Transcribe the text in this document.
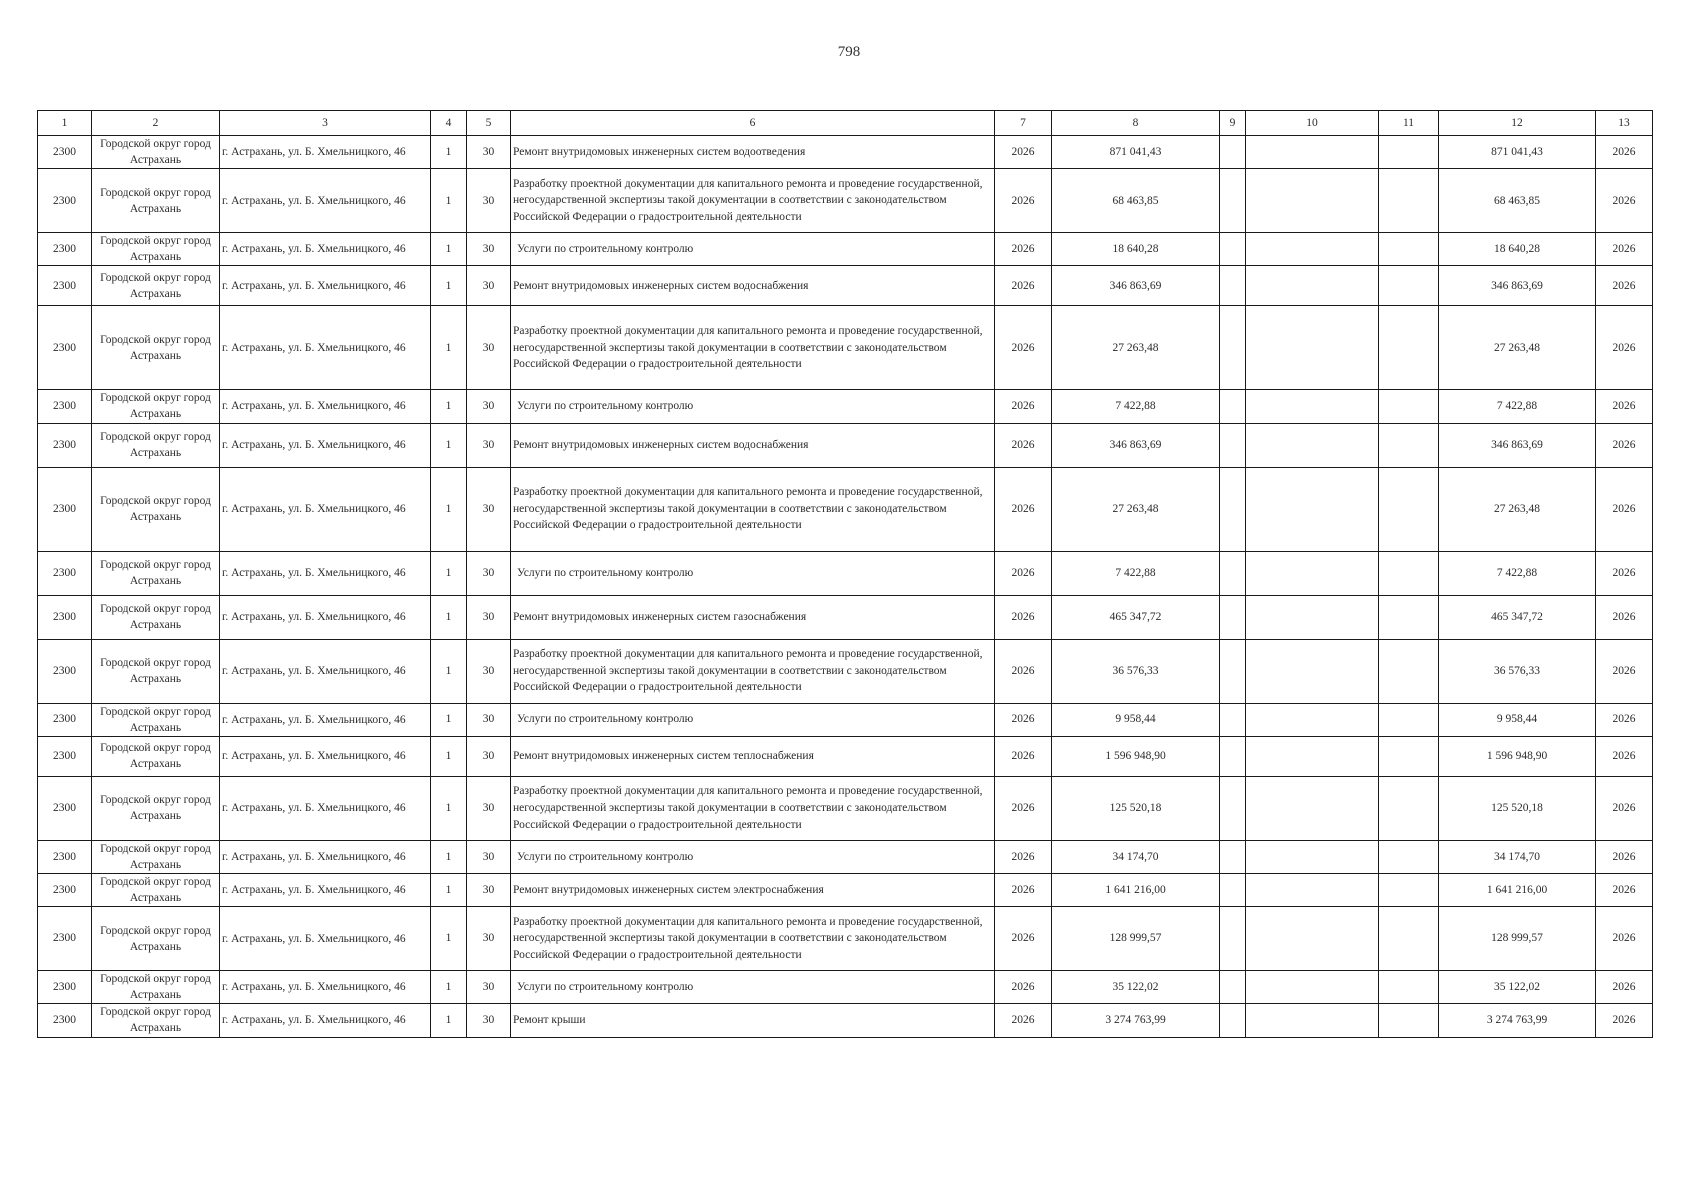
798
1	2	3	4	5	6	7	8	9	10	11	12	13
2300	Городской округ город Астрахань	г. Астрахань, ул. Б. Хмельницкого, 46	1	30	Ремонт внутридомовых инженерных систем водоотведения	2026	871 041,43				871 041,43	2026
2300	Городской округ город Астрахань	г. Астрахань, ул. Б. Хмельницкого, 46	1	30	Разработку проектной документации для капитального ремонта и проведение государственной, негосударственной экспертизы такой документации в соответствии с законодательством Российской Федерации о градостроительной деятельности	2026	68 463,85				68 463,85	2026
2300	Городской округ город Астрахань	г. Астрахань, ул. Б. Хмельницкого, 46	1	30	Услуги по строительному контролю	2026	18 640,28				18 640,28	2026
2300	Городской округ город Астрахань	г. Астрахань, ул. Б. Хмельницкого, 46	1	30	Ремонт внутридомовых инженерных систем водоснабжения	2026	346 863,69				346 863,69	2026
2300	Городской округ город Астрахань	г. Астрахань, ул. Б. Хмельницкого, 46	1	30	Разработку проектной документации для капитального ремонта и проведение государственной, негосударственной экспертизы такой документации в соответствии с законодательством Российской Федерации о градостроительной деятельности	2026	27 263,48				27 263,48	2026
2300	Городской округ город Астрахань	г. Астрахань, ул. Б. Хмельницкого, 46	1	30	Услуги по строительному контролю	2026	7 422,88				7 422,88	2026
2300	Городской округ город Астрахань	г. Астрахань, ул. Б. Хмельницкого, 46	1	30	Ремонт внутридомовых инженерных систем водоснабжения	2026	346 863,69				346 863,69	2026
2300	Городской округ город Астрахань	г. Астрахань, ул. Б. Хмельницкого, 46	1	30	Разработку проектной документации для капитального ремонта и проведение государственной, негосударственной экспертизы такой документации в соответствии с законодательством Российской Федерации о градостроительной деятельности	2026	27 263,48				27 263,48	2026
2300	Городской округ город Астрахань	г. Астрахань, ул. Б. Хмельницкого, 46	1	30	Услуги по строительному контролю	2026	7 422,88				7 422,88	2026
2300	Городской округ город Астрахань	г. Астрахань, ул. Б. Хмельницкого, 46	1	30	Ремонт внутридомовых инженерных систем газоснабжения	2026	465 347,72				465 347,72	2026
2300	Городской округ город Астрахань	г. Астрахань, ул. Б. Хмельницкого, 46	1	30	Разработку проектной документации для капитального ремонта и проведение государственной, негосударственной экспертизы такой документации в соответствии с законодательством Российской Федерации о градостроительной деятельности	2026	36 576,33				36 576,33	2026
2300	Городской округ город Астрахань	г. Астрахань, ул. Б. Хмельницкого, 46	1	30	Услуги по строительному контролю	2026	9 958,44				9 958,44	2026
2300	Городской округ город Астрахань	г. Астрахань, ул. Б. Хмельницкого, 46	1	30	Ремонт внутридомовых инженерных систем теплоснабжения	2026	1 596 948,90				1 596 948,90	2026
2300	Городской округ город Астрахань	г. Астрахань, ул. Б. Хмельницкого, 46	1	30	Разработку проектной документации для капитального ремонта и проведение государственной, негосударственной экспертизы такой документации в соответствии с законодательством Российской Федерации о градостроительной деятельности	2026	125 520,18				125 520,18	2026
2300	Городской округ город Астрахань	г. Астрахань, ул. Б. Хмельницкого, 46	1	30	Услуги по строительному контролю	2026	34 174,70				34 174,70	2026
2300	Городской округ город Астрахань	г. Астрахань, ул. Б. Хмельницкого, 46	1	30	Ремонт внутридомовых инженерных систем электроснабжения	2026	1 641 216,00				1 641 216,00	2026
2300	Городской округ город Астрахань	г. Астрахань, ул. Б. Хмельницкого, 46	1	30	Разработку проектной документации для капитального ремонта и проведение государственной, негосударственной экспертизы такой документации в соответствии с законодательством Российской Федерации о градостроительной деятельности	2026	128 999,57				128 999,57	2026
2300	Городской округ город Астрахань	г. Астрахань, ул. Б. Хмельницкого, 46	1	30	Услуги по строительному контролю	2026	35 122,02				35 122,02	2026
2300	Городской округ город Астрахань	г. Астрахань, ул. Б. Хмельницкого, 46	1	30	Ремонт крыши	2026	3 274 763,99				3 274 763,99	2026
